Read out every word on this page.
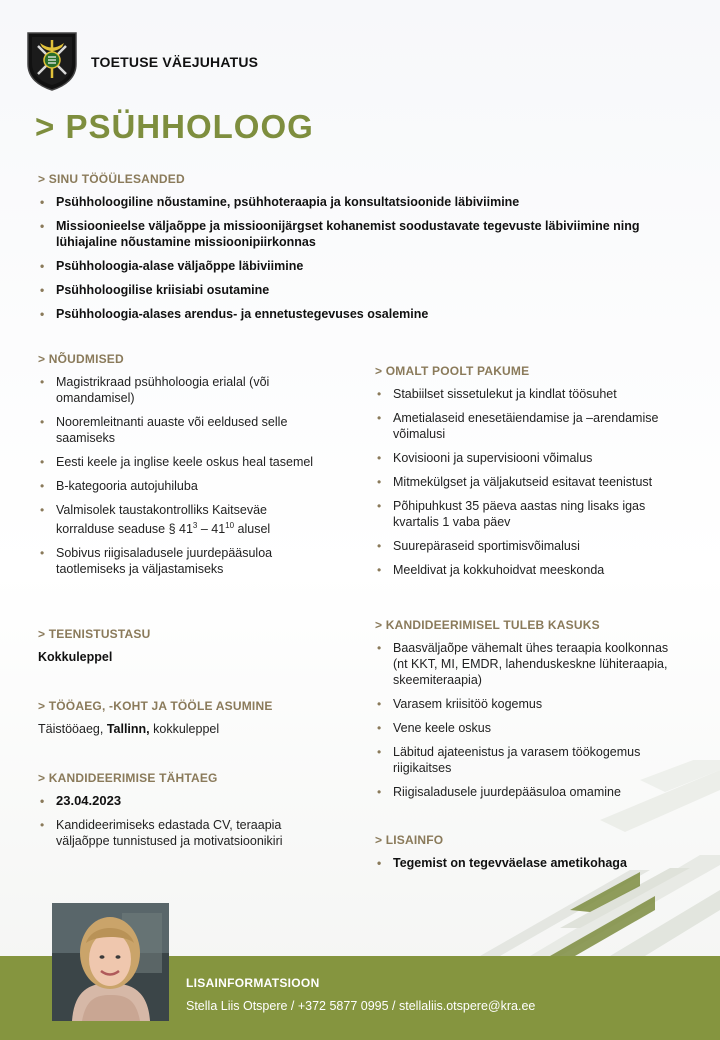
TOETUSE VÄEJUHATUS
> PSÜHHOLOOG
> SINU TÖÖÜLESANDED
• Psühholoogiline nõustamine, psühhoteraapia ja konsultatsioonide läbiviimine
• Missioonieelse väljaõppe ja missioonijärgset kohanemist soodustavate tegevuste läbiviimine ning lühiajaline nõustamine missioonipiirkonnas
• Psühholoogia-alase väljaõppe läbiviimine
• Psühholoogilise kriisiabi osutamine
• Psühholoogia-alases arendus- ja ennetustegevuses osalemine
> NÕUDMISED
• Magistrikraad psühholoogia erialal (või omandamisel)
• Nooremleitnanti auaste või eeldused selle saamiseks
• Eesti keele ja inglise keele oskus heal tasemel
• B-kategooria autojuhiluba
• Valmisolek taustakontrolliks Kaitseväe korralduse seaduse § $41^3 - 41^{10}$ alusel
• Sobivus riigisaladusele juurdepääsuloa taotlemiseks ja väljastamiseks
> TEENISTUSTASU
Kokkuleppel
> TÖÖAEG, -KOHT JA TÖÖLE ASUMINE
Täistööaeg, Tallinn, kokkuleppel
> KANDIDEERIMISE TÄHTAEG
• 23.04.2023
• Kandideerimiseks edastada CV, teraapia väljaõppe tunnistused ja motivatsioonikiri
> OMALT POOLT PAKUME
• Stabiilset sissetulekut ja kindlat töösuhet
• Ametialaseid enesetäiendamise ja –arendamise võimalusi
• Kovisiooni ja supervisiooni võimalus
• Mitmekülgset ja väljakutseid esitavat teenistust
• Põhipuhkust 35 päeva aastas ning lisaks igas kvartalis 1 vaba päev
• Suurepäraseid sportimisvõimalusi
• Meeldivat ja kokkuhoidvat meeskonda
> KANDIDEERIMISEL TULEB KASUKS
• Baasväljaõpe vähemalt ühes teraapia koolkonnas (nt KKT, MI, EMDR, lahenduskeskne lühiteraapia, skeemiteraapia)
• Varasem kriisitöö kogemus
• Vene keele oskus
• Läbitud ajateenistus ja varasem töökogemus riigikaitses
• Riigisaladusele juurdepääsuloa omamine
> LISAINFO
• Tegemist on tegevväelase ametikohaga
LISAINFORMATSIOON
Stella Liis Otspere / +372 5877 0995 / stellaliis.otspere@kra.ee
